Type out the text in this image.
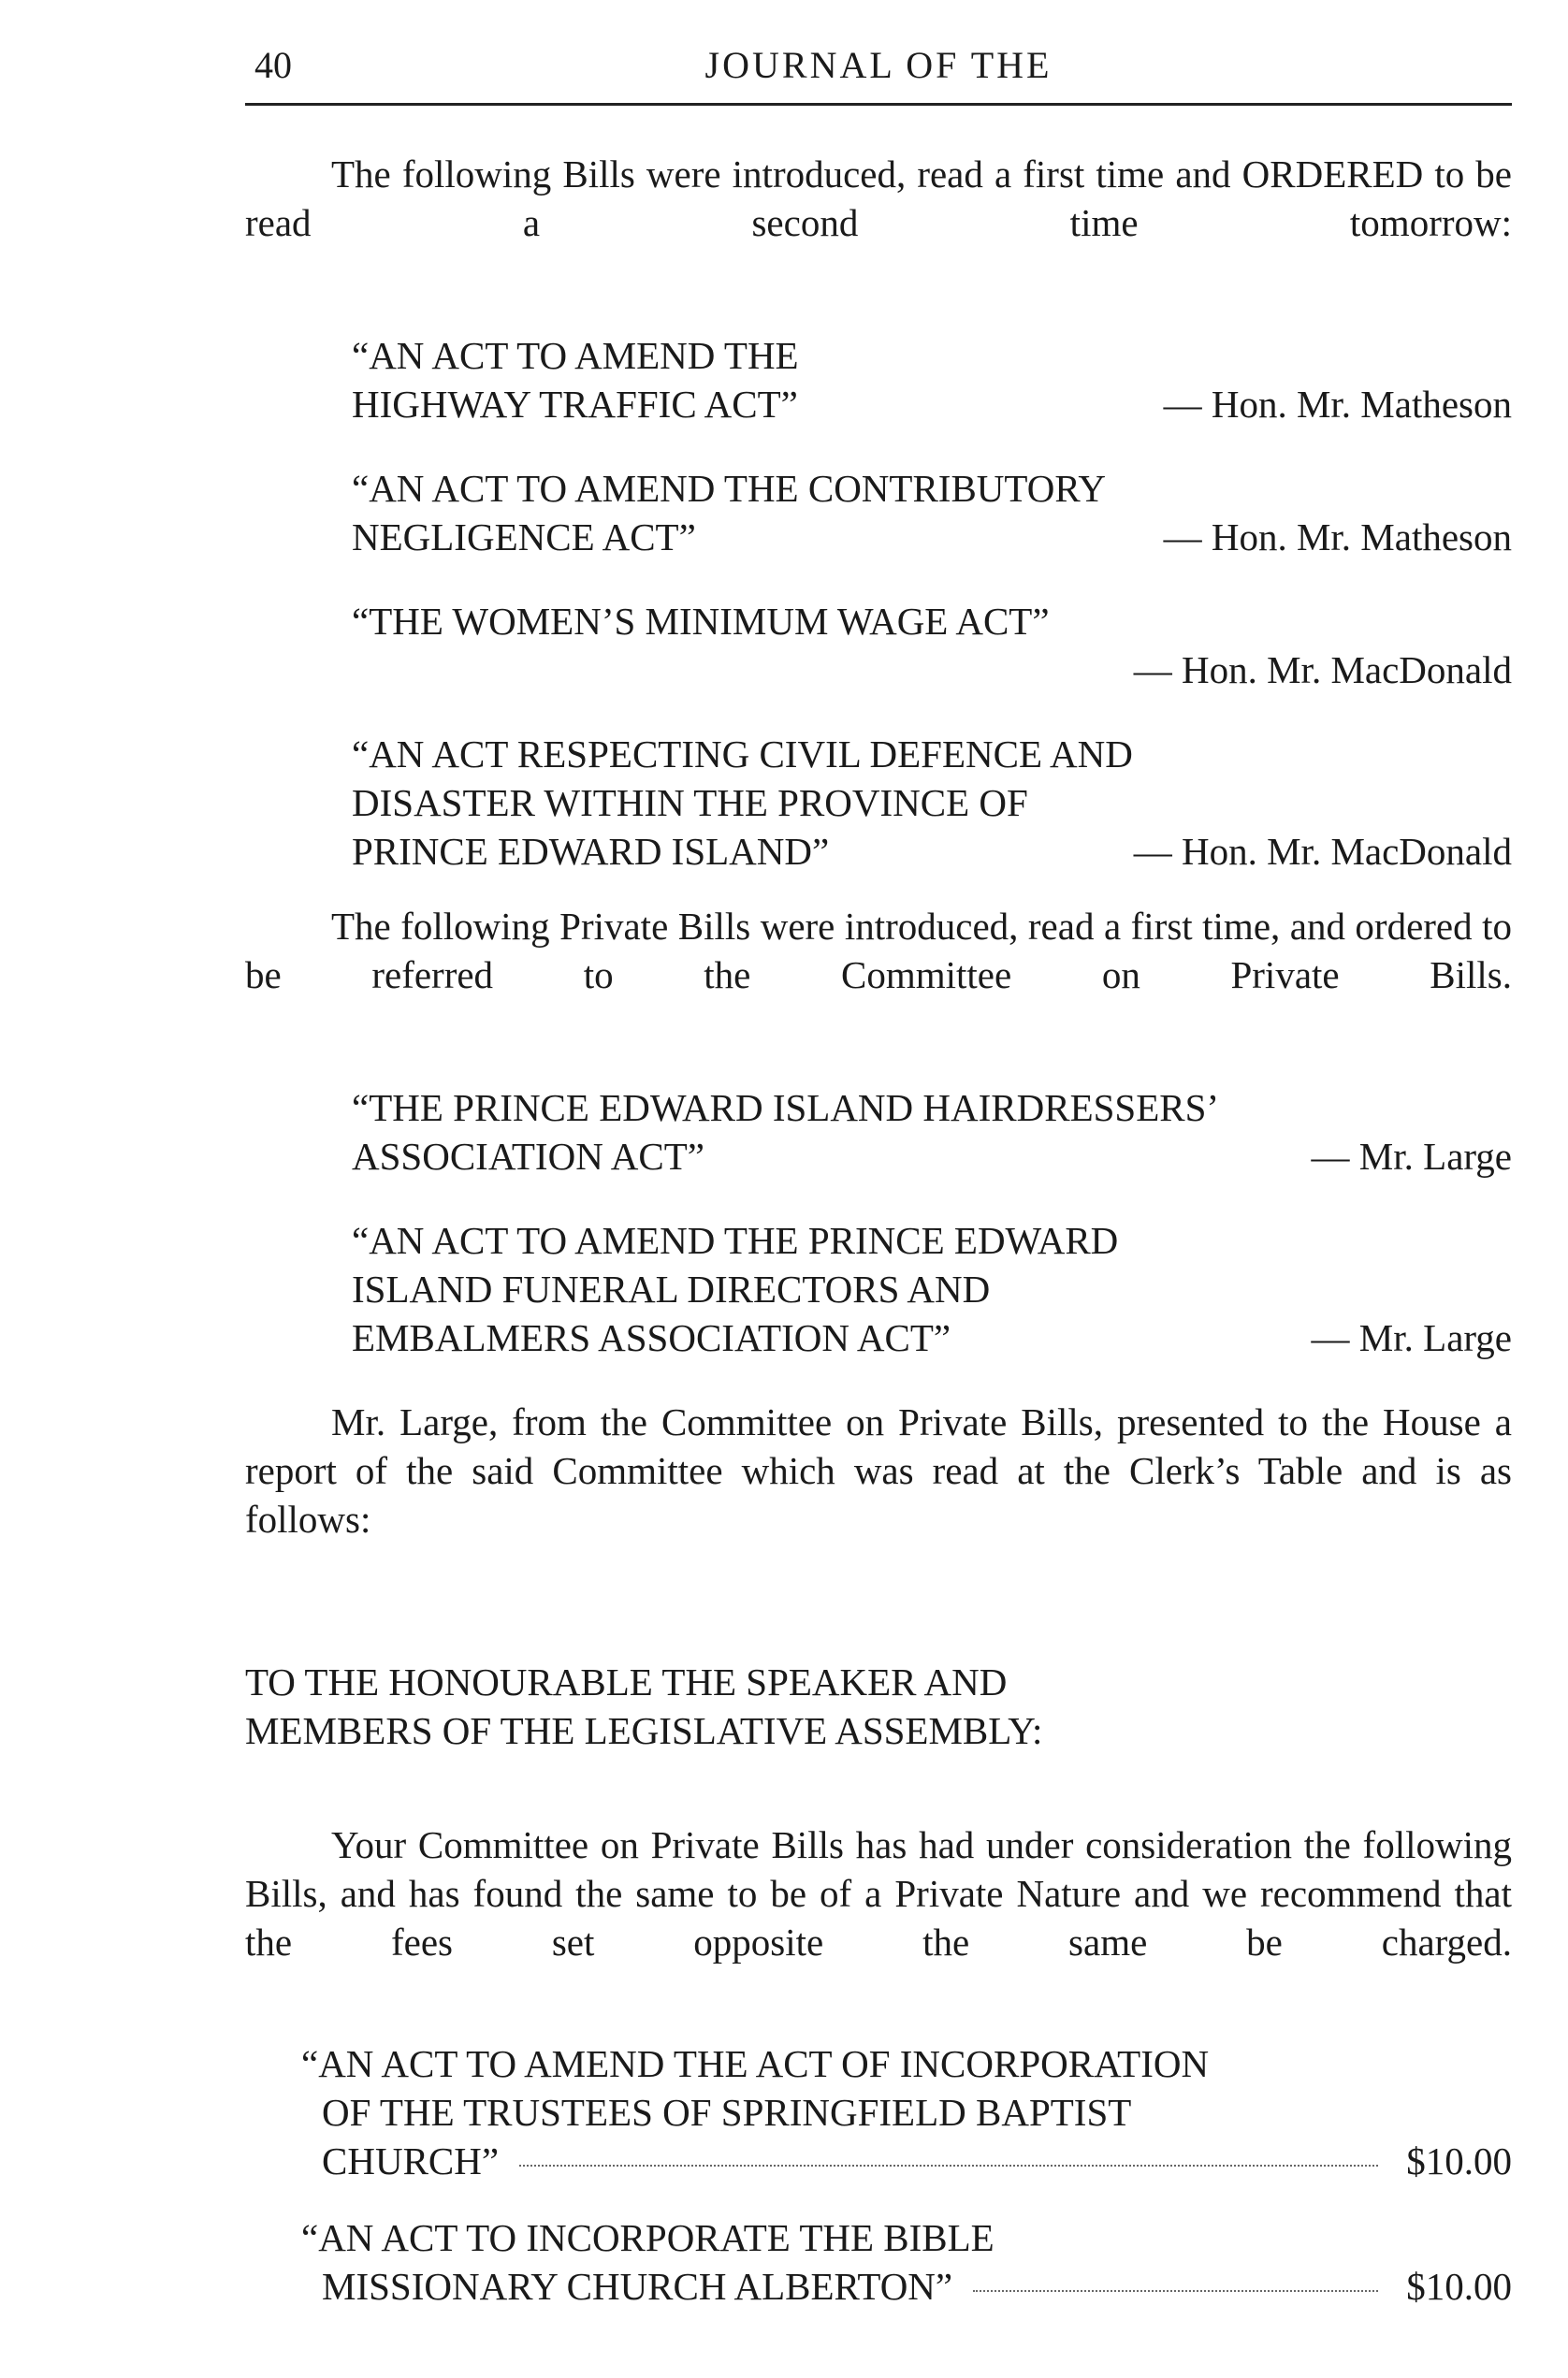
40	JOURNAL OF THE

The following Bills were introduced, read a first time and ORDERED to be read a second time tomorrow:

“AN ACT TO AMEND THE
HIGHWAY TRAFFIC ACT”	— Hon. Mr. Matheson
“AN ACT TO AMEND THE CONTRIBUTORY
NEGLIGENCE ACT”	— Hon. Mr. Matheson
“THE WOMEN’S MINIMUM WAGE ACT”
— Hon. Mr. MacDonald
“AN ACT RESPECTING CIVIL DEFENCE AND
DISASTER WITHIN THE PROVINCE OF
PRINCE EDWARD ISLAND”	— Hon. Mr. MacDonald

The following Private Bills were introduced, read a first time, and ordered to be referred to the Committee on Private Bills.

“THE PRINCE EDWARD ISLAND HAIRDRESSERS’
ASSOCIATION ACT”	— Mr. Large
“AN ACT TO AMEND THE PRINCE EDWARD
ISLAND FUNERAL DIRECTORS AND
EMBALMERS ASSOCIATION ACT”	— Mr. Large

Mr. Large, from the Committee on Private Bills, presented to the House a report of the said Committee which was read at the Clerk’s Table and is as follows:

TO THE HONOURABLE THE SPEAKER AND
MEMBERS OF THE LEGISLATIVE ASSEMBLY:

Your Committee on Private Bills has had under consideration the following Bills, and has found the same to be of a Private Nature and we recommend that the fees set opposite the same be charged.

“AN ACT TO AMEND THE ACT OF INCORPORATION
OF THE TRUSTEES OF SPRINGFIELD BAPTIST
CHURCH”	$10.00
“AN ACT TO INCORPORATE THE BIBLE
MISSIONARY CHURCH ALBERTON”	$10.00
